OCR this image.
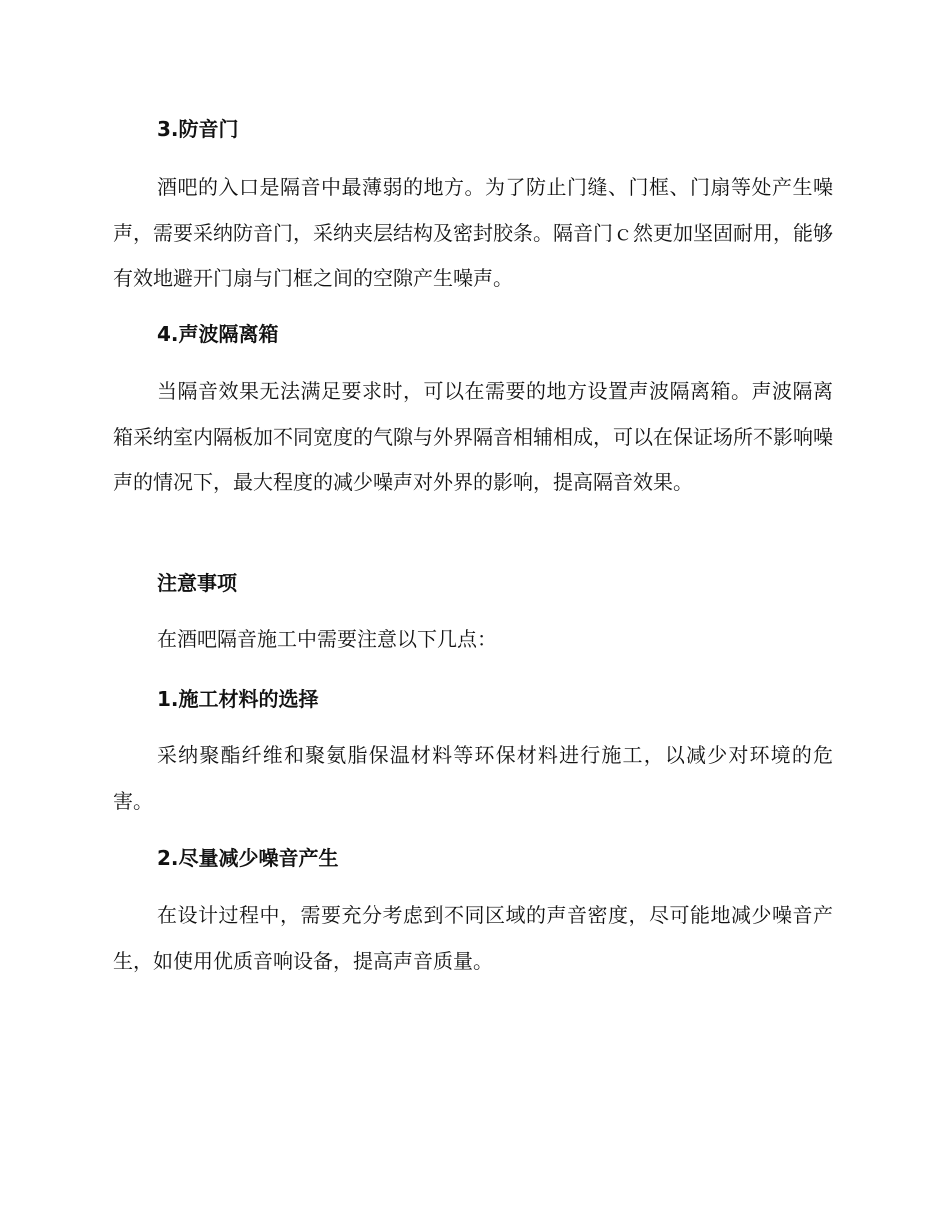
3.防音门

酒吧的入口是隔音中最薄弱的地方。为了防止门缝、门框、门扇等处产生噪声，需要采纳防音门，采纳夹层结构及密封胶条。隔音门ｃ然更加坚固耐用，能够有效地避开门扇与门框之间的空隙产生噪声。

4.声波隔离箱

当隔音效果无法满足要求时，可以在需要的地方设置声波隔离箱。声波隔离箱采纳室内隔板加不同宽度的气隙与外界隔音相辅相成，可以在保证场所不影响噪声的情况下，最大程度的减少噪声对外界的影响，提高隔音效果。

注意事项

在酒吧隔音施工中需要注意以下几点：

1.施工材料的选择

采纳聚酯纤维和聚氨脂保温材料等环保材料进行施工，以减少对环境的危害。

2.尽量减少噪音产生

在设计过程中，需要充分考虑到不同区域的声音密度，尽可能地减少噪音产生，如使用优质音响设备，提高声音质量。
